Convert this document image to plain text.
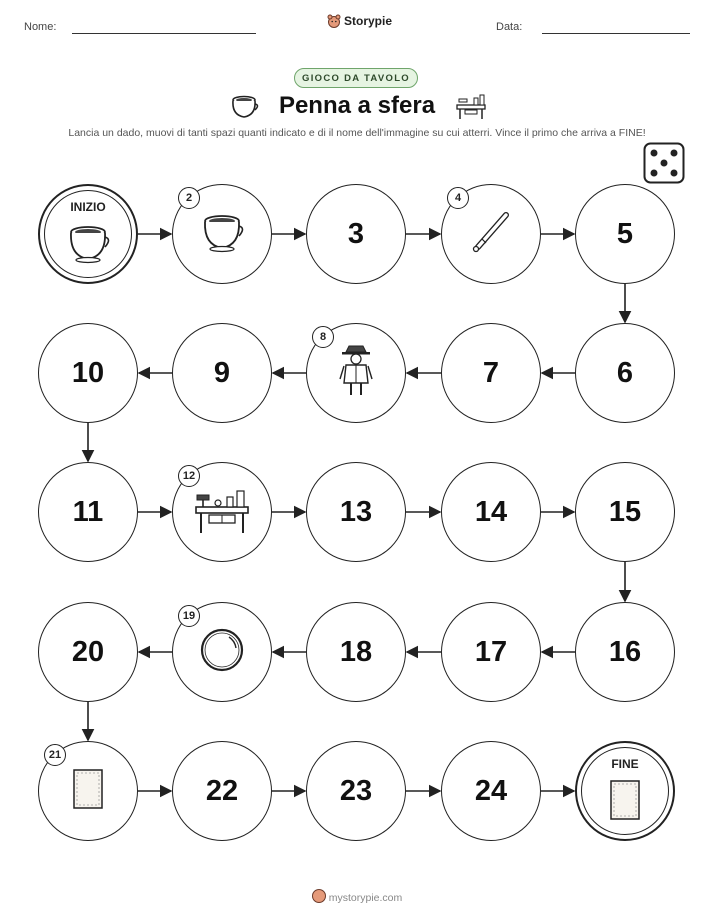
Nome:	Storypie	Data:
GIOCO DA TAVOLO
Penna a sfera
Lancia un dado, muovi di tanti spazi quanti indicato e di il nome dell'immagine su cui atterri. Vince il primo che arriva a FINE!
INIZIO
2
3
4
5
6
7
8
9
10
11
12
13	14	15
16
17
18
19
20
21
22	23	24
FINE
mystorypie.com
